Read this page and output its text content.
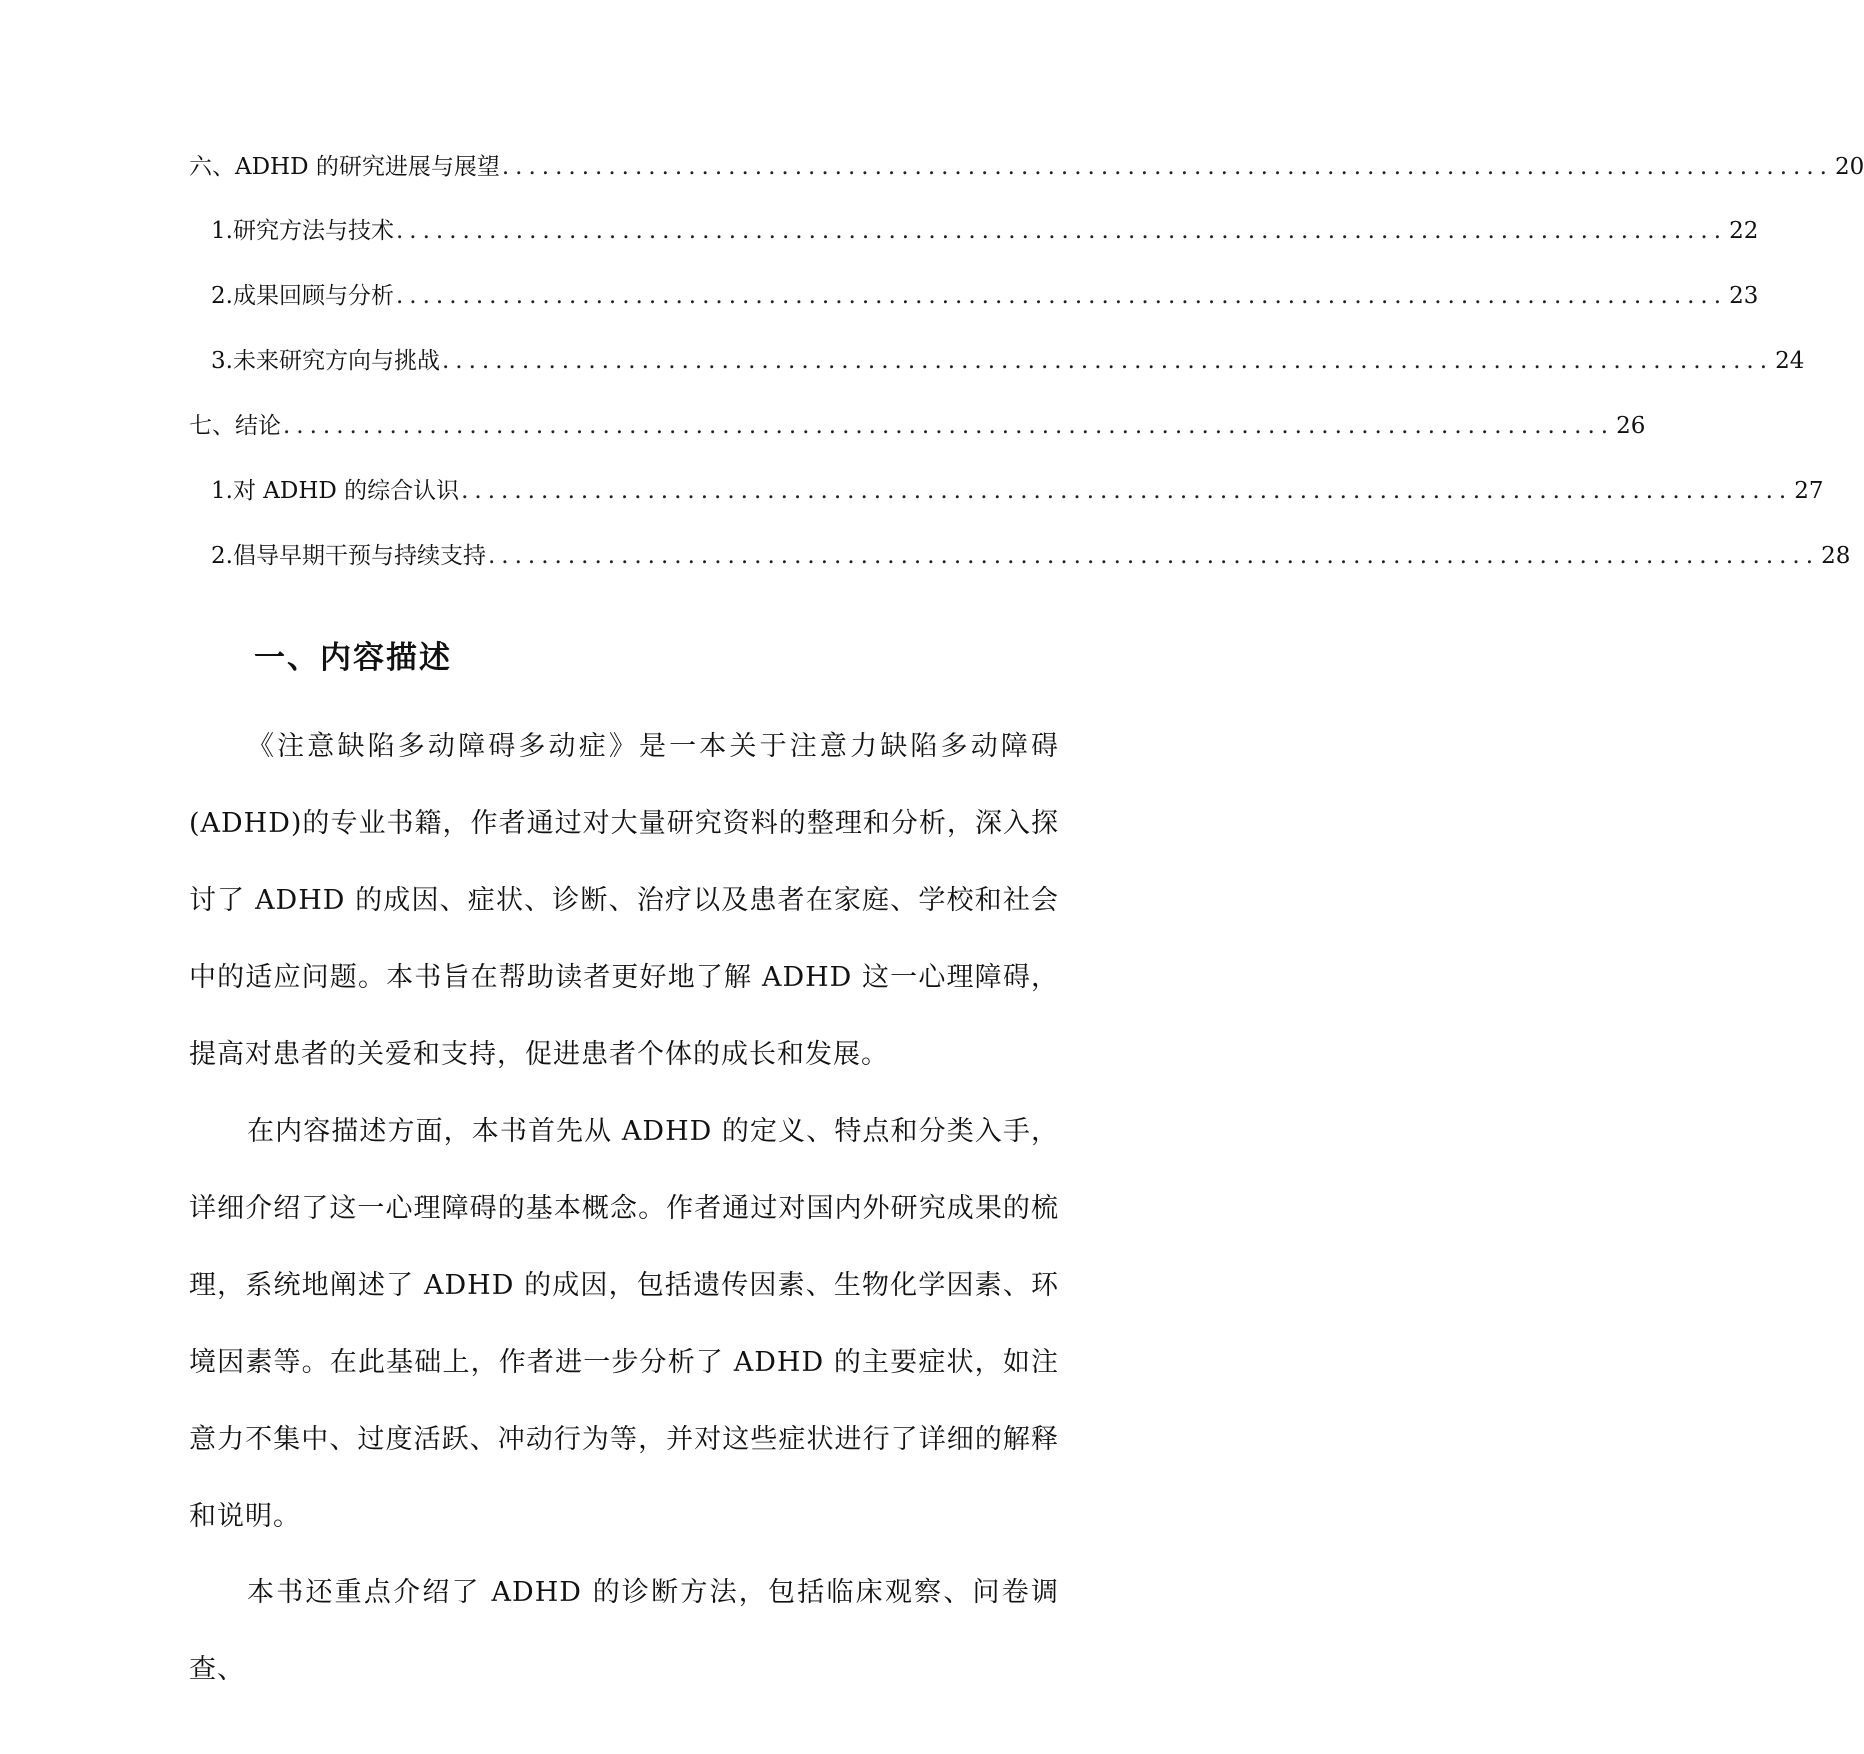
六、ADHD 的研究进展与展望 .................................................................................................... 20
1. 研究方法与技术 .................................................................................................... 22
2. 成果回顾与分析 .................................................................................................... 23
3. 未来研究方向与挑战 .................................................................................................... 24
七、结论 .................................................................................................... 26
1. 对 ADHD 的综合认识 .................................................................................................... 27
2. 倡导早期干预与持续支持 .................................................................................................... 28
一、内容描述

《注意缺陷多动障碍多动症》是一本关于注意力缺陷多动障碍(ADHD)的专业书籍，作者通过对大量研究资料的整理和分析，深入探讨了 ADHD 的成因、症状、诊断、治疗以及患者在家庭、学校和社会中的适应问题。本书旨在帮助读者更好地了解 ADHD 这一心理障碍，提高对患者的关爱和支持，促进患者个体的成长和发展。

在内容描述方面，本书首先从 ADHD 的定义、特点和分类入手，详细介绍了这一心理障碍的基本概念。作者通过对国内外研究成果的梳理，系统地阐述了 ADHD 的成因，包括遗传因素、生物化学因素、环境因素等。在此基础上，作者进一步分析了 ADHD 的主要症状，如注意力不集中、过度活跃、冲动行为等，并对这些症状进行了详细的解释和说明。

本书还重点介绍了 ADHD 的诊断方法，包括临床观察、问卷调查、
